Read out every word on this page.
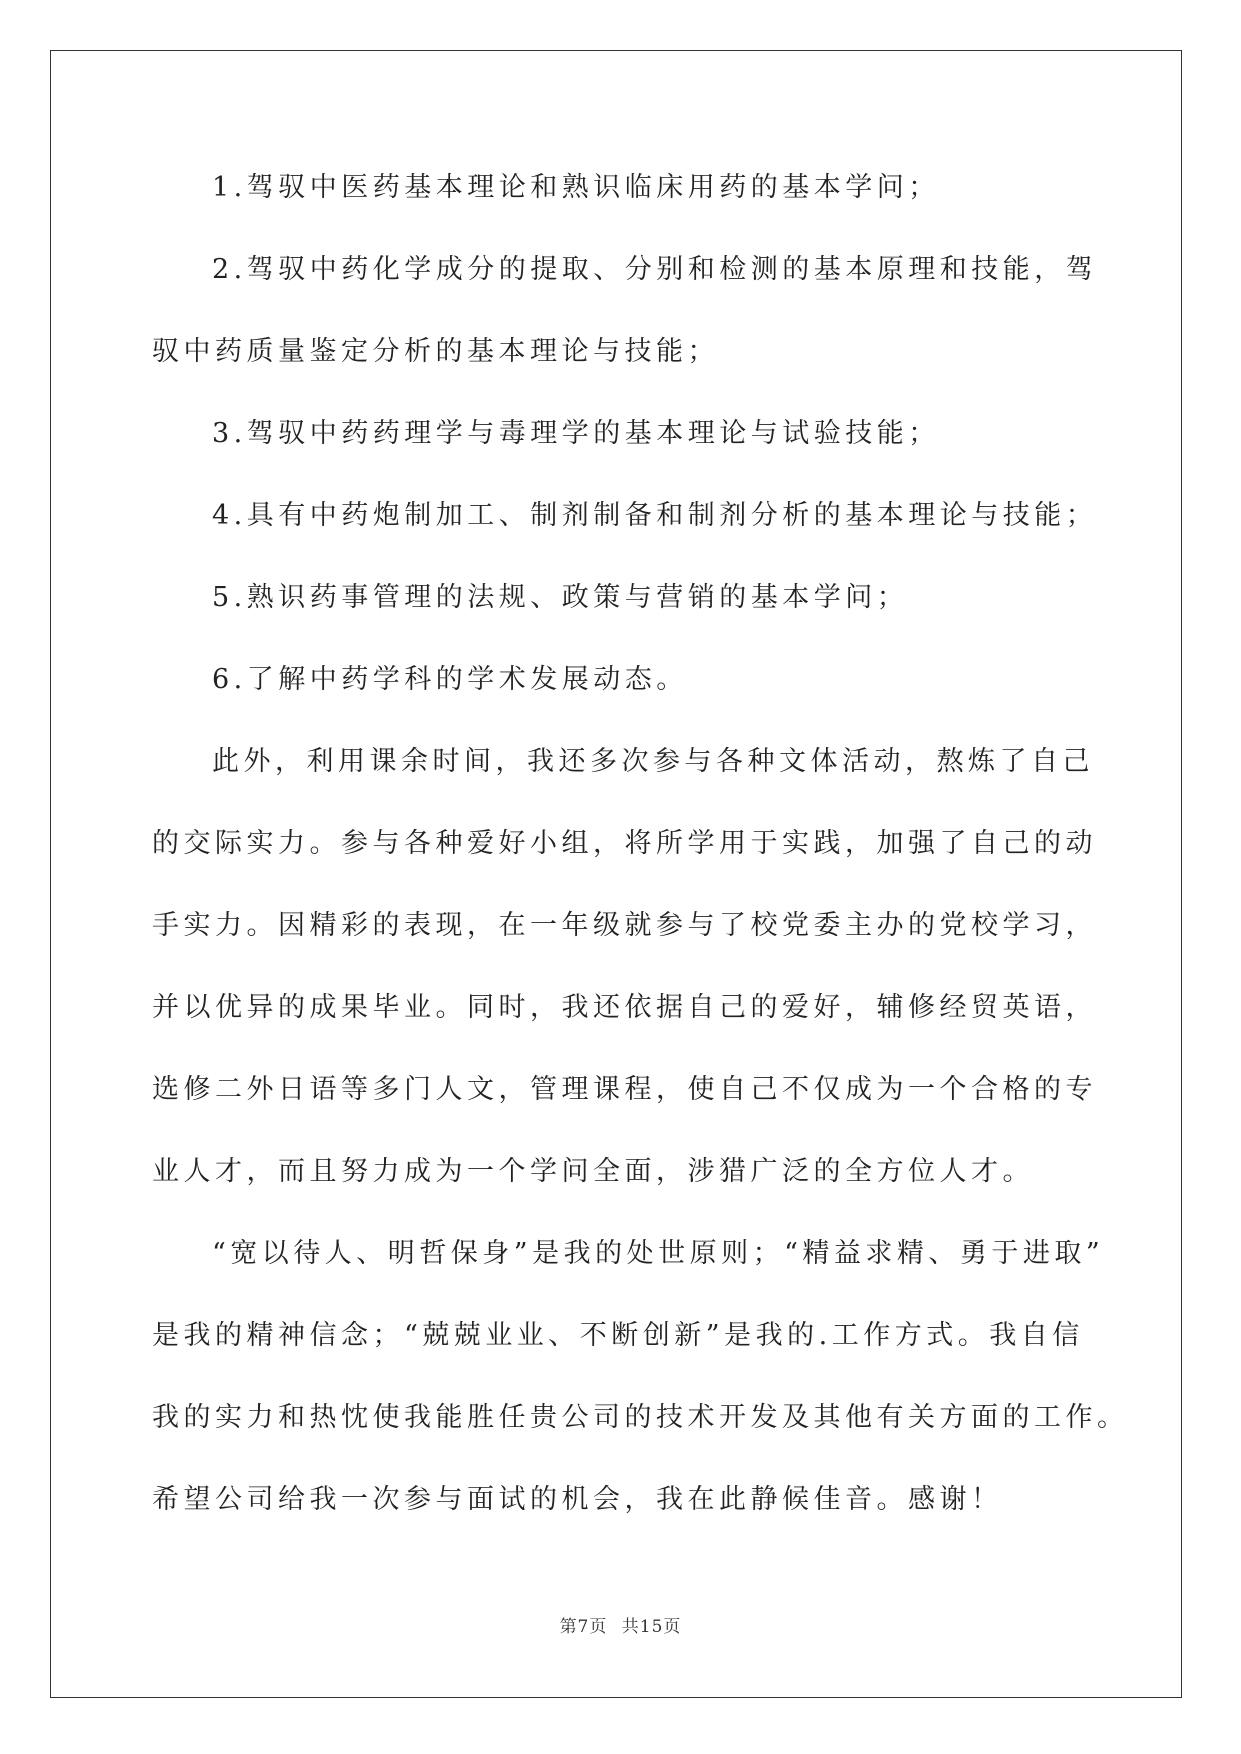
1.驾驭中医药基本理论和熟识临床用药的基本学问；
2.驾驭中药化学成分的提取、分别和检测的基本原理和技能，驾
驭中药质量鉴定分析的基本理论与技能；
3.驾驭中药药理学与毒理学的基本理论与试验技能；
4.具有中药炮制加工、制剂制备和制剂分析的基本理论与技能；
5.熟识药事管理的法规、政策与营销的基本学问；
6.了解中药学科的学术发展动态。
此外，利用课余时间，我还多次参与各种文体活动，熬炼了自己
的交际实力。参与各种爱好小组，将所学用于实践，加强了自己的动
手实力。因精彩的表现，在一年级就参与了校党委主办的党校学习，
并以优异的成果毕业。同时，我还依据自己的爱好，辅修经贸英语，
选修二外日语等多门人文，管理课程，使自己不仅成为一个合格的专
业人才，而且努力成为一个学问全面，涉猎广泛的全方位人才。
“宽以待人、明哲保身”是我的处世原则；“精益求精、勇于进取”
是我的精神信念；“兢兢业业、不断创新”是我的.工作方式。我自信
我的实力和热忱使我能胜任贵公司的技术开发及其他有关方面的工作。
希望公司给我一次参与面试的机会，我在此静候佳音。感谢！
第7页 共15页
